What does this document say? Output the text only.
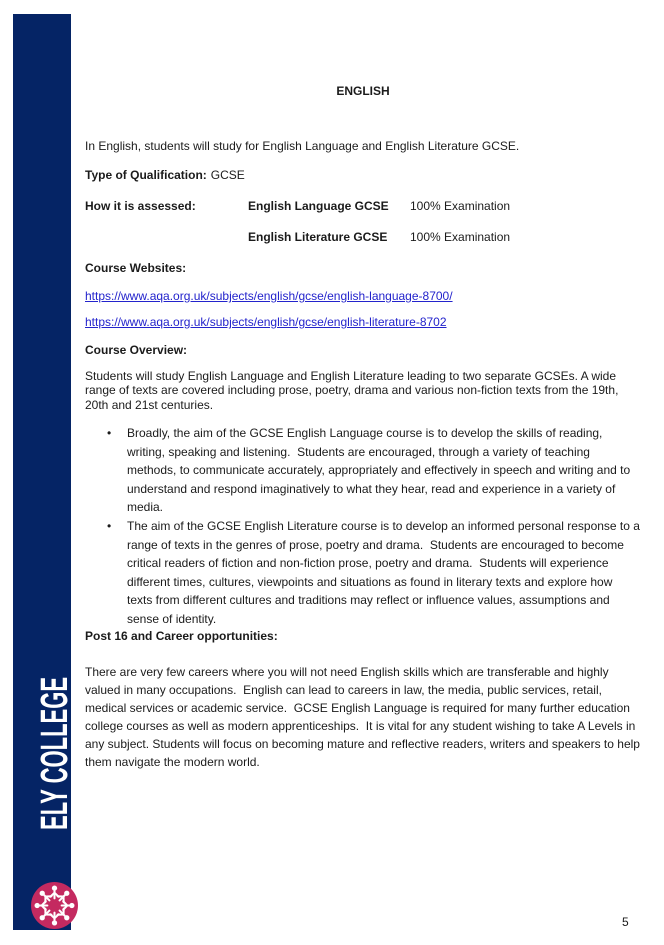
ELY COLLEGE
ENGLISH
In English, students will study for English Language and English Literature GCSE.
Type of Qualification: GCSE
How it is assessed:	English Language GCSE 100% Examination
English Literature GCSE 100% Examination
Course Websites:
https://www.aqa.org.uk/subjects/english/gcse/english-language-8700/
https://www.aqa.org.uk/subjects/english/gcse/english-literature-8702
Course Overview:
Students will study English Language and English Literature leading to two separate GCSEs. A wide range of texts are covered including prose, poetry, drama and various non-fiction texts from the 19th, 20th and 21st centuries.
• Broadly, the aim of the GCSE English Language course is to develop the skills of reading, writing, speaking and listening.  Students are encouraged, through a variety of teaching methods, to communicate accurately, appropriately and effectively in speech and writing and to understand and respond imaginatively to what they hear, read and experience in a variety of media.
• The aim of the GCSE English Literature course is to develop an informed personal response to a range of texts in the genres of prose, poetry and drama.  Students are encouraged to become critical readers of fiction and non-fiction prose, poetry and drama.  Students will experience different times, cultures, viewpoints and situations as found in literary texts and explore how texts from different cultures and traditions may reflect or influence values, assumptions and sense of identity.
Post 16 and Career opportunities:
There are very few careers where you will not need English skills which are transferable and highly valued in many occupations.  English can lead to careers in law, the media, public services, retail, medical services or academic service.  GCSE English Language is required for many further education college courses as well as modern apprenticeships.  It is vital for any student wishing to take A Levels in any subject. Students will focus on becoming mature and reflective readers, writers and speakers to help them navigate the modern world.
5
